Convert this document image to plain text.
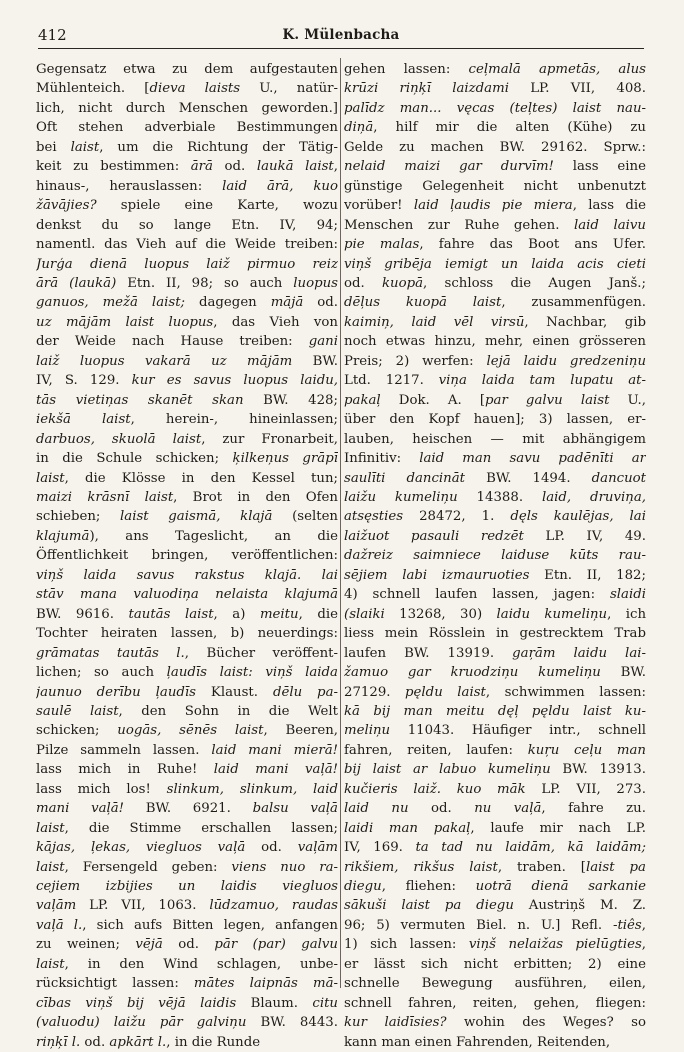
412	K. Mülenbacha
Gegensatz etwa zu dem aufgestauten
Mühlenteich. [dieva laists U., natür-
lich, nicht durch Menschen geworden.]
Oft stehen adverbiale Bestimmungen
bei laist, um die Richtung der Tätig-
keit zu bestimmen: ārā od. laukā laist,
hinaus-, herauslassen: laid ārā, kuo
žāvājies? spiele eine Karte, wozu
denkst du so lange Etn. IV, 94;
namentl. das Vieh auf die Weide treiben:
Jurģa dienā luopus laiž pirmuo reiz
ārā (laukā) Etn. II, 98; so auch luopus
ganuos, mežā laist; dagegen mājā od.
uz mājām laist luopus, das Vieh von
der Weide nach Hause treiben: gani
laiž luopus vakarā uz mājām BW.
IV, S. 129. kur es savus luopus laidu,
tās vietiņas skanēt skan BW. 428;
iekšā laist, herein-, hineinlassen;
darbuos, skuolā laist, zur Fronarbeit,
in die Schule schicken; ķilkeņus grāpī
laist, die Klösse in den Kessel tun;
maizi krāsnī laist, Brot in den Ofen
schieben; laist gaismā, klajā (selten
klajumā), ans Tageslicht, an die
Öffentlichkeit bringen, veröffentlichen:
viņš laida savus rakstus klajā. lai
stāv mana valuodiņa nelaista klajumā
BW. 9616. tautās laist, a) meitu, die
Tochter heiraten lassen, b) neuerdings:
grāmatas tautās l., Bücher veröffent-
lichen; so auch ļaudīs laist: viņš laida
jaunuo derību ļaudīs Klaust. dēlu pa-
saulē laist, den Sohn in die Welt
schicken; uogās, sēnēs laist, Beeren,
Pilze sammeln lassen. laid mani mierā!
lass mich in Ruhe! laid mani vaļā!
lass mich los! slinkum, slinkum, laid
mani vaļā! BW. 6921. balsu vaļā
laist, die Stimme erschallen lassen;
kājas, ļekas, viegluos vaļā od. vaļām
laist, Fersengeld geben: viens nuo ra-
cejiem izbijies un laidis viegluos
vaļām LP. VII, 1063. lūdzamuo, raudas
vaļā l., sich aufs Bitten legen, anfangen
zu weinen; vējā od. pār (par) galvu
laist, in den Wind schlagen, unbe-
rücksichtigt lassen: mātes laipnās mā-
cības viņš bij vējā laidis Blaum. citu
(valuodu) laižu pār galviņu BW. 8443.
riņķī l. od. apkārt l., in die Runde
gehen lassen: ceļmalā apmetās, alus
krūzi riņķī laizdami LP. VII, 408.
palīdz man... vęcas (teļtes) laist nau-
diņā, hilf mir die alten (Kühe) zu
Gelde zu machen BW. 29162. Sprw.:
nelaid maizi gar durvīm! lass eine
günstige Gelegenheit nicht unbenutzt
vorüber! laid ļaudis pie miera, lass die
Menschen zur Ruhe gehen. laid laivu
pie malas, fahre das Boot ans Ufer.
viņš gribēja iemigt un laida acis cieti
od. kuopā, schloss die Augen Janš.;
dēļus kuopā laist, zusammenfügen.
kaimiņ, laid vēl virsū, Nachbar, gib
noch etwas hinzu, mehr, einen grösseren
Preis; 2) werfen: lejā laidu gredzeniņu
Ltd. 1217. viņa laida tam lupatu at-
pakaļ Dok. A. [par galvu laist U.,
über den Kopf hauen]; 3) lassen, er-
lauben, heischen — mit abhängigem
Infinitiv: laid man savu padēnīti ar
saulīti dancināt BW. 1494. dancuot
laižu kumeliņu 14388. laid, druviņa,
atsęsties 28472, 1. dęls kaulējas, lai
laižuot pasauli redzēt LP. IV, 49.
dažreiz saimniece laiduse kūts rau-
sējiem labi izmauruoties Etn. II, 182;
4) schnell laufen lassen, jagen: slaidi
(slaiki 13268, 30) laidu kumeliņu, ich
liess mein Rösslein in gestrecktem Trab
laufen BW. 13919. gaŗām laidu lai-
žamuo gar kruodziņu kumeliņu BW.
27129. pęldu laist, schwimmen lassen:
kā bij man meitu dęļ pęldu laist ku-
meliņu 11043. Häufiger intr., schnell
fahren, reiten, laufen: kuŗu ceļu man
bij laist ar labuo kumeliņu BW. 13913.
kučieris laiž. kuo māk LP. VII, 273.
laid nu od. nu vaļā, fahre zu.
laidi man pakaļ, laufe mir nach LP.
IV, 169. ta tad nu laidām, kā laidām;
rikšiem, rikšus laist, traben. [laist pa
diegu, fliehen: uotrā dienā sarkanie
sākuši laist pa diegu Austriņš M. Z.
96; 5) vermuten Biel. n. U.] Refl. -tiês,
1) sich lassen: viņš nelaižas pielūgties,
er lässt sich nicht erbitten; 2) eine
schnelle Bewegung ausführen, eilen,
schnell fahren, reiten, gehen, fliegen:
kur laidīsies? wohin des Weges? so
kann man einen Fahrenden, Reitenden,
